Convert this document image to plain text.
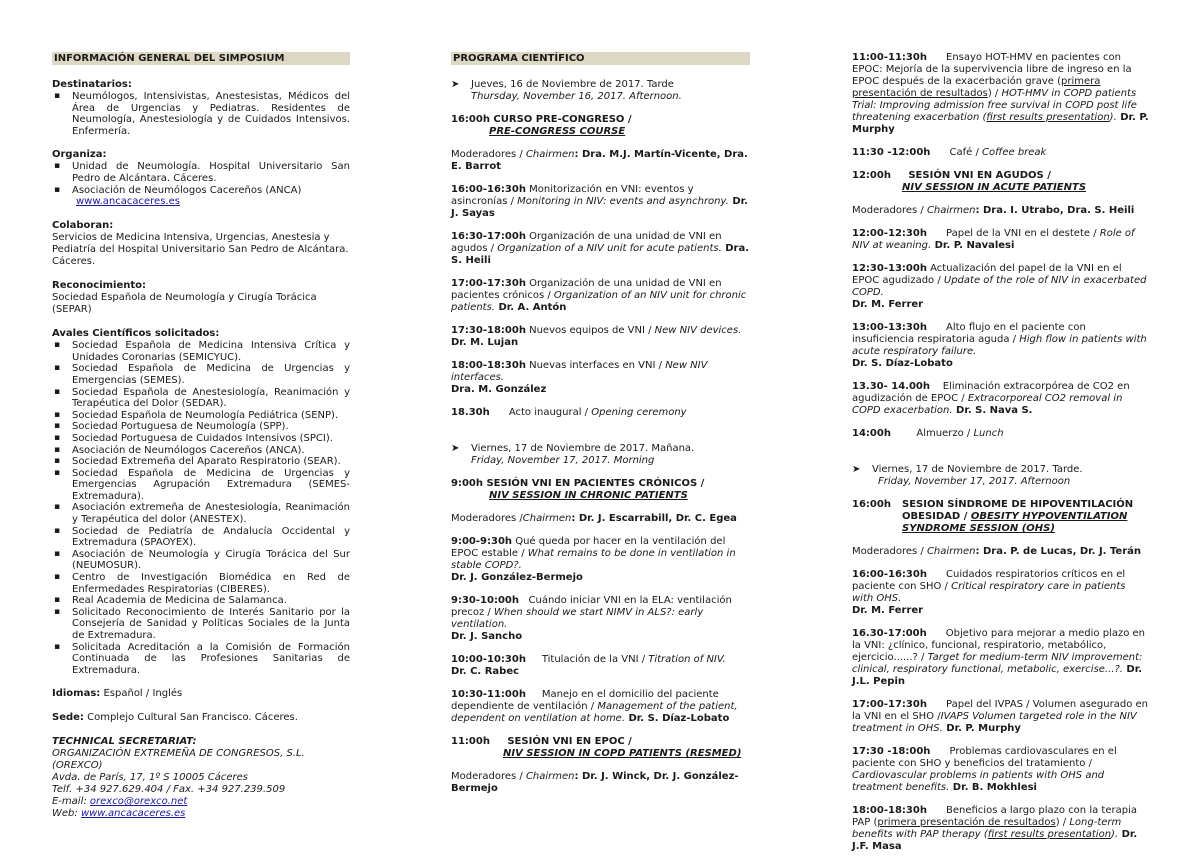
INFORMACIÓN GENERAL DEL SIMPOSIUM
Destinatarios:
▪ Neumólogos, Intensivistas, Anestesistas, Médicos del Área de Urgencias y Pediatras. Residentes de Neumología, Anestesiología y de Cuidados Intensivos. Enfermería.
Organiza:
▪ Unidad de Neumología. Hospital Universitario San Pedro de Alcántara. Cáceres.
▪ Asociación de Neumólogos Cacereños (ANCA)
www.ancacaceres.es
Colaboran:
Servicios de Medicina Intensiva, Urgencias, Anestesia y Pediatría del Hospital Universitario San Pedro de Alcántara. Cáceres.
Reconocimiento:
Sociedad Española de Neumología y Cirugía Torácica (SEPAR)
Avales Científicos solicitados:
▪ Sociedad Española de Medicina Intensiva Crítica y Unidades Coronarias (SEMICYUC).
▪ Sociedad Española de Medicina de Urgencias y Emergencias (SEMES).
▪ Sociedad Española de Anestesiología, Reanimación y Terapéutica del Dolor (SEDAR).
▪ Sociedad Española de Neumología Pediátrica (SENP).
▪ Sociedad Portuguesa de Neumología (SPP).
▪ Sociedad Portuguesa de Cuidados Intensivos (SPCI).
▪ Asociación de Neumólogos Cacereños (ANCA).
▪ Sociedad Extremeña del Aparato Respiratorio (SEAR).
▪ Sociedad Española de Medicina de Urgencias y Emergencias Agrupación Extremadura (SEMES- Extremadura).
▪ Asociación extremeña de Anestesiología, Reanimación y Terapéutica del dolor (ANESTEX).
▪ Sociedad de Pediatría de Andalucía Occidental y Extremadura (SPAOYEX).
▪ Asociación de Neumología y Cirugía Torácica del Sur (NEUMOSUR).
▪ Centro de Investigación Biomédica en Red de Enfermedades Respiratorias (CIBERES).
▪ Real Academia de Medicina de Salamanca.
▪ Solicitado Reconocimiento de Interés Sanitario por la Consejería de Sanidad y Políticas Sociales de la Junta de Extremadura.
▪ Solicitada Acreditación a la Comisión de Formación Continuada de las Profesiones Sanitarias de Extremadura.
Idiomas: Español / Inglés
Sede: Complejo Cultural San Francisco. Cáceres.
TECHNICAL SECRETARIAT:
ORGANIZACIÓN EXTREMEÑA DE CONGRESOS, S.L. (OREXCO)
Avda. de París, 17, 1º S 10005 Cáceres
Telf. +34 927.629.404 / Fax. +34 927.239.509
E-mail: orexco@orexco.net
Web: www.ancacaceres.es
PROGRAMA CIENTÍFICO
➤ Jueves, 16 de Noviembre de 2017. Tarde
Thursday, November 16, 2017. Afternoon.
16:00h CURSO PRE-CONGRESO /
PRE-CONGRESS COURSE
Moderadores / Chairmen: Dra. M.J. Martín-Vicente, Dra. E. Barrot
16:00-16:30h Monitorización en VNI: eventos y asincronías / Monitoring in NIV: events and asynchrony. Dr. J. Sayas
16:30-17:00h Organización de una unidad de VNI en agudos / Organization of a NIV unit for acute patients. Dra. S. Heili
17:00-17:30h Organización de una unidad de VNI en pacientes crónicos / Organization of an NIV unit for chronic patients. Dr. A. Antón
17:30-18:00h Nuevos equipos de VNI / New NIV devices.
Dr. M. Lujan
18:00-18:30h Nuevas interfaces en VNI / New NIV interfaces.
Dra. M. González
18.30h      Acto inaugural / Opening ceremony
➤ Viernes, 17 de Noviembre de 2017. Mañana.
Friday, November 17, 2017. Morning
9:00h SESIÓN VNI EN PACIENTES CRÓNICOS /
NIV SESSION IN CHRONIC PATIENTS
Moderadores /Chairmen: Dr. J. Escarrabill, Dr. C. Egea
9:00-9:30h Qué queda por hacer en la ventilación del EPOC estable / What remains to be done in ventilation in stable COPD?.
Dr. J. González-Bermejo
9:30-10:00h   Cuándo iniciar VNI en la ELA: ventilación precoz / When should we start NIMV in ALS?: early ventilation.
Dr. J. Sancho
10:00-10:30h     Titulación de la VNI / Titration of NIV.
Dr. C. Rabec
10:30-11:00h     Manejo en el domicilio del paciente dependiente de ventilación / Management of the patient, dependent on ventilation at home. Dr. S. Díaz-Lobato
11:00h     SESIÓN VNI EN EPOC /
NIV SESSION IN COPD PATIENTS (RESMED)
Moderadores / Chairmen: Dr. J. Winck, Dr. J. González-Bermejo
11:00-11:30h      Ensayo HOT-HMV en pacientes con EPOC: Mejoría de la supervivencia libre de ingreso en la EPOC después de la exacerbación grave (primera presentación de resultados) / HOT-HMV in COPD patients Trial: Improving admission free survival in COPD post life threatening exacerbation (first results presentation). Dr. P. Murphy
11:30 -12:00h      Café / Coffee break
12:00h     SESIÓN VNI EN AGUDOS /
NIV SESSION IN ACUTE PATIENTS
Moderadores / Chairmen: Dra. I. Utrabo, Dra. S. Heili
12:00-12:30h      Papel de la VNI en el destete / Role of NIV at weaning. Dr. P. Navalesi
12:30-13:00h Actualización del papel de la VNI en el EPOC agudizado / Update of the role of NIV in exacerbated COPD.
Dr. M. Ferrer
13:00-13:30h      Alto flujo en el paciente con insuficiencia respiratoria aguda / High flow in patients with acute respiratory failure.
Dr. S. Díaz-Lobato
13.30- 14.00h    Eliminación extracorpórea de CO2 en agudización de EPOC / Extracorporeal CO2 removal in COPD exacerbation. Dr. S. Nava S.
14:00h        Almuerzo / Lunch
➤ Viernes, 17 de Noviembre de 2017. Tarde.
Friday, November 17, 2017. Afternoon
16:00h	SESION SÍNDROME DE HIPOVENTILACIÓN OBESIDAD / OBESITY HYPOVENTILATION SYNDROME SESSION (OHS)
Moderadores / Chairmen: Dra. P. de Lucas, Dr. J. Terán
16:00-16:30h      Cuidados respiratorios críticos en el paciente con SHO / Critical respiratory care in patients with OHS.
Dr. M. Ferrer
16.30-17:00h      Objetivo para mejorar a medio plazo en la VNI: ¿clínico, funcional, respiratorio, metabólico, ejercicio......? / Target for medium-term NIV improvement: clinical, respiratory functional, metabolic, exercise...?. Dr. J.L. Pepin
17:00-17:30h      Papel del IVPAS / Volumen asegurado en la VNI en el SHO /IVAPS Volumen targeted role in the NIV treatment in OHS. Dr. P. Murphy
17:30 -18:00h      Problemas cardiovasculares en el paciente con SHO y beneficios del tratamiento / Cardiovascular problems in patients with OHS and treatment benefits. Dr. B. Mokhlesi
18:00-18:30h      Beneficios a largo plazo con la terapia PAP (primera presentación de resultados) / Long-term benefits with PAP therapy (first results presentation). Dr. J.F. Masa
